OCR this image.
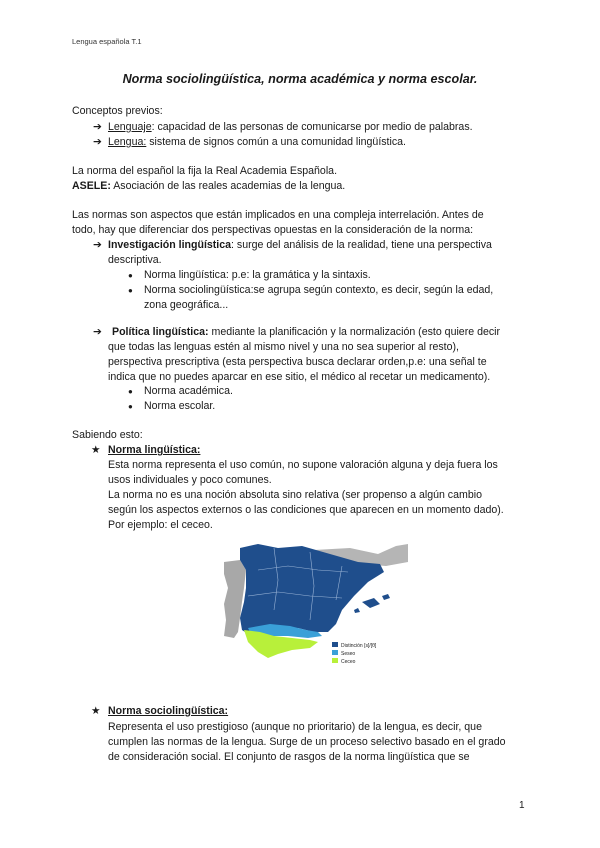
Lengua española T.1
Norma sociolingüística, norma académica y norma escolar.
Conceptos previos:
➔ Lenguaje: capacidad de las personas de comunicarse por medio de palabras.
➔ Lengua: sistema de signos común a una comunidad lingüística.
La norma del español la fija la Real Academia Española.
ASELE: Asociación de las reales academias de la lengua.
Las normas son aspectos que están implicados en una compleja interrelación. Antes de
todo, hay que diferenciar dos perspectivas opuestas en la consideración de la norma:
➔ Investigación lingüística: surge del análisis de la realidad, tiene una perspectiva
descriptiva.
● Norma lingüística: p.e: la gramática y la sintaxis.
● Norma sociolingüística:se agrupa según contexto, es decir, según la edad,
zona geográfica...
➔ Política lingüística: mediante la planificación y la normalización (esto quiere decir
que todas las lenguas estén al mismo nivel y una no sea superior al resto),
perspectiva prescriptiva (esta perspectiva busca declarar orden,p.e: una señal te
indica que no puedes aparcar en ese sitio, el médico al recetar un medicamento).
● Norma académica.
● Norma escolar.
Sabiendo esto:
★ Norma lingüística:
Esta norma representa el uso común, no supone valoración alguna y deja fuera los
usos individuales y poco comunes.
La norma no es una noción absoluta sino relativa (ser propenso a algún cambio
según los aspectos externos o las condiciones que aparecen en un momento dado).
Por ejemplo: el ceceo.
Distinción [s]/[θ]
Seseo
Ceceo
★ Norma sociolingüística:
Representa el uso prestigioso (aunque no prioritario) de la lengua, es decir, que
cumplen las normas de la lengua. Surge de un proceso selectivo basado en el grado
de consideración social. El conjunto de rasgos de la norma lingüística que se
1
